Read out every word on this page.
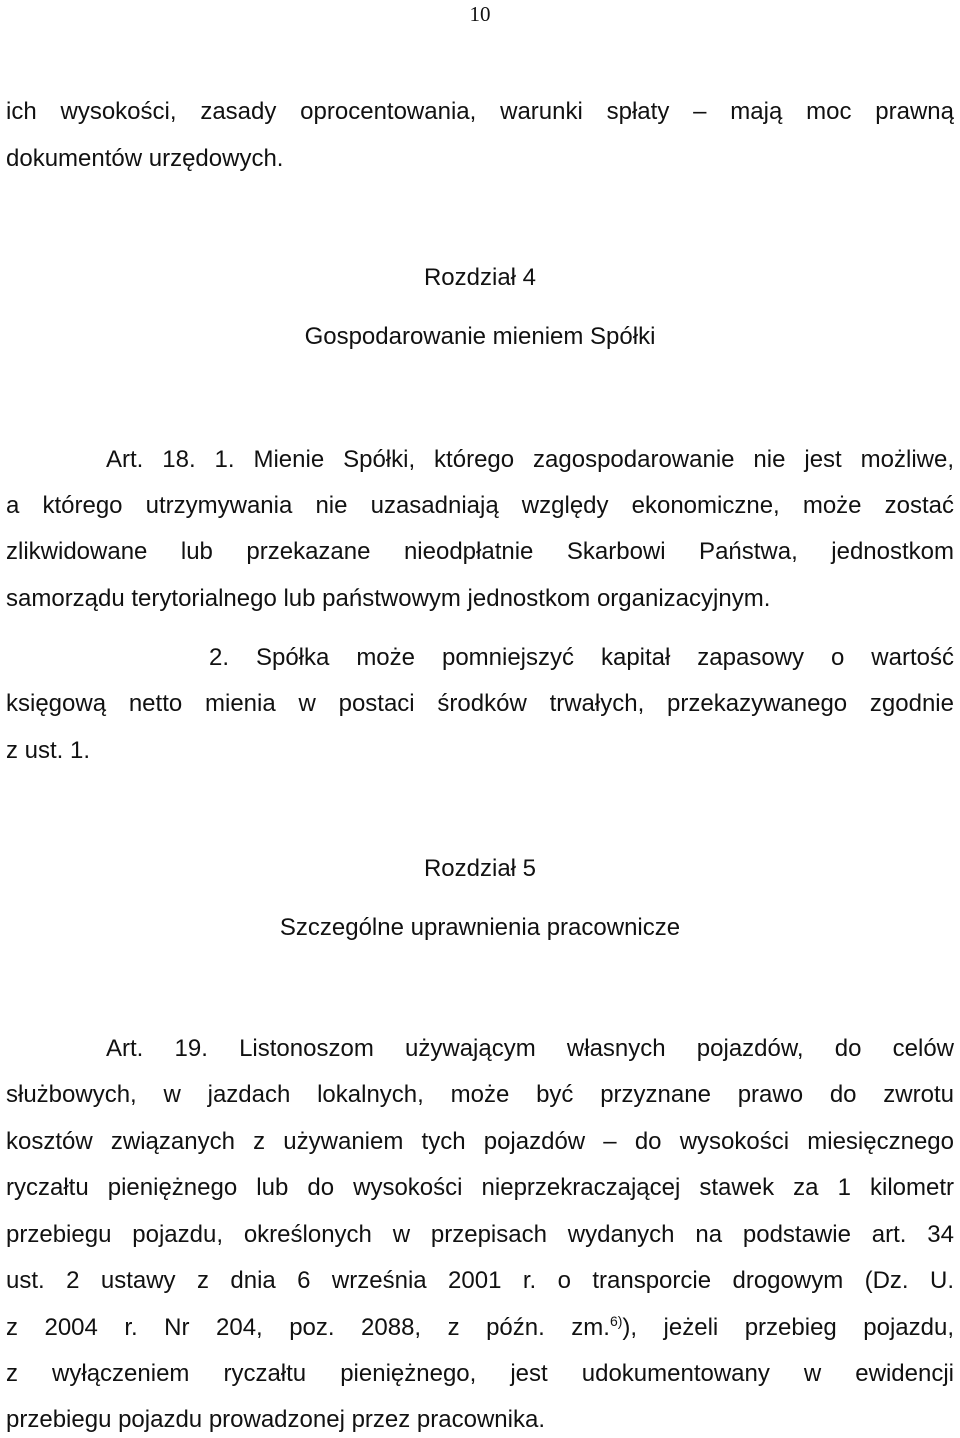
10
ich wysokości, zasady oprocentowania, warunki spłaty – mają moc prawną
dokumentów urzędowych.
Rozdział 4
Gospodarowanie mieniem Spółki
Art. 18. 1. Mienie Spółki, którego zagospodarowanie nie jest możliwe,
a którego utrzymywania nie uzasadniają względy ekonomiczne, może zostać
zlikwidowane lub przekazane nieodpłatnie Skarbowi Państwa, jednostkom
samorządu terytorialnego lub państwowym jednostkom organizacyjnym.
2. Spółka może pomniejszyć kapitał zapasowy o wartość
księgową netto mienia w postaci środków trwałych, przekazywanego zgodnie
z ust. 1.
Rozdział 5
Szczególne uprawnienia pracownicze
Art. 19. Listonoszom używającym własnych pojazdów, do celów
służbowych, w jazdach lokalnych, może być przyznane prawo do zwrotu
kosztów związanych z używaniem tych pojazdów – do wysokości miesięcznego
ryczałtu pieniężnego lub do wysokości nieprzekraczającej stawek za 1 kilometr
przebiegu pojazdu, określonych w przepisach wydanych na podstawie art. 34
ust. 2 ustawy z dnia 6 września 2001 r. o transporcie drogowym (Dz. U.
z 2004 r. Nr 204, poz. 2088, z późn. zm.$^{6)}$), jeżeli przebieg pojazdu,
z wyłączeniem ryczałtu pieniężnego, jest udokumentowany w ewidencji
przebiegu pojazdu prowadzonej przez pracownika.
